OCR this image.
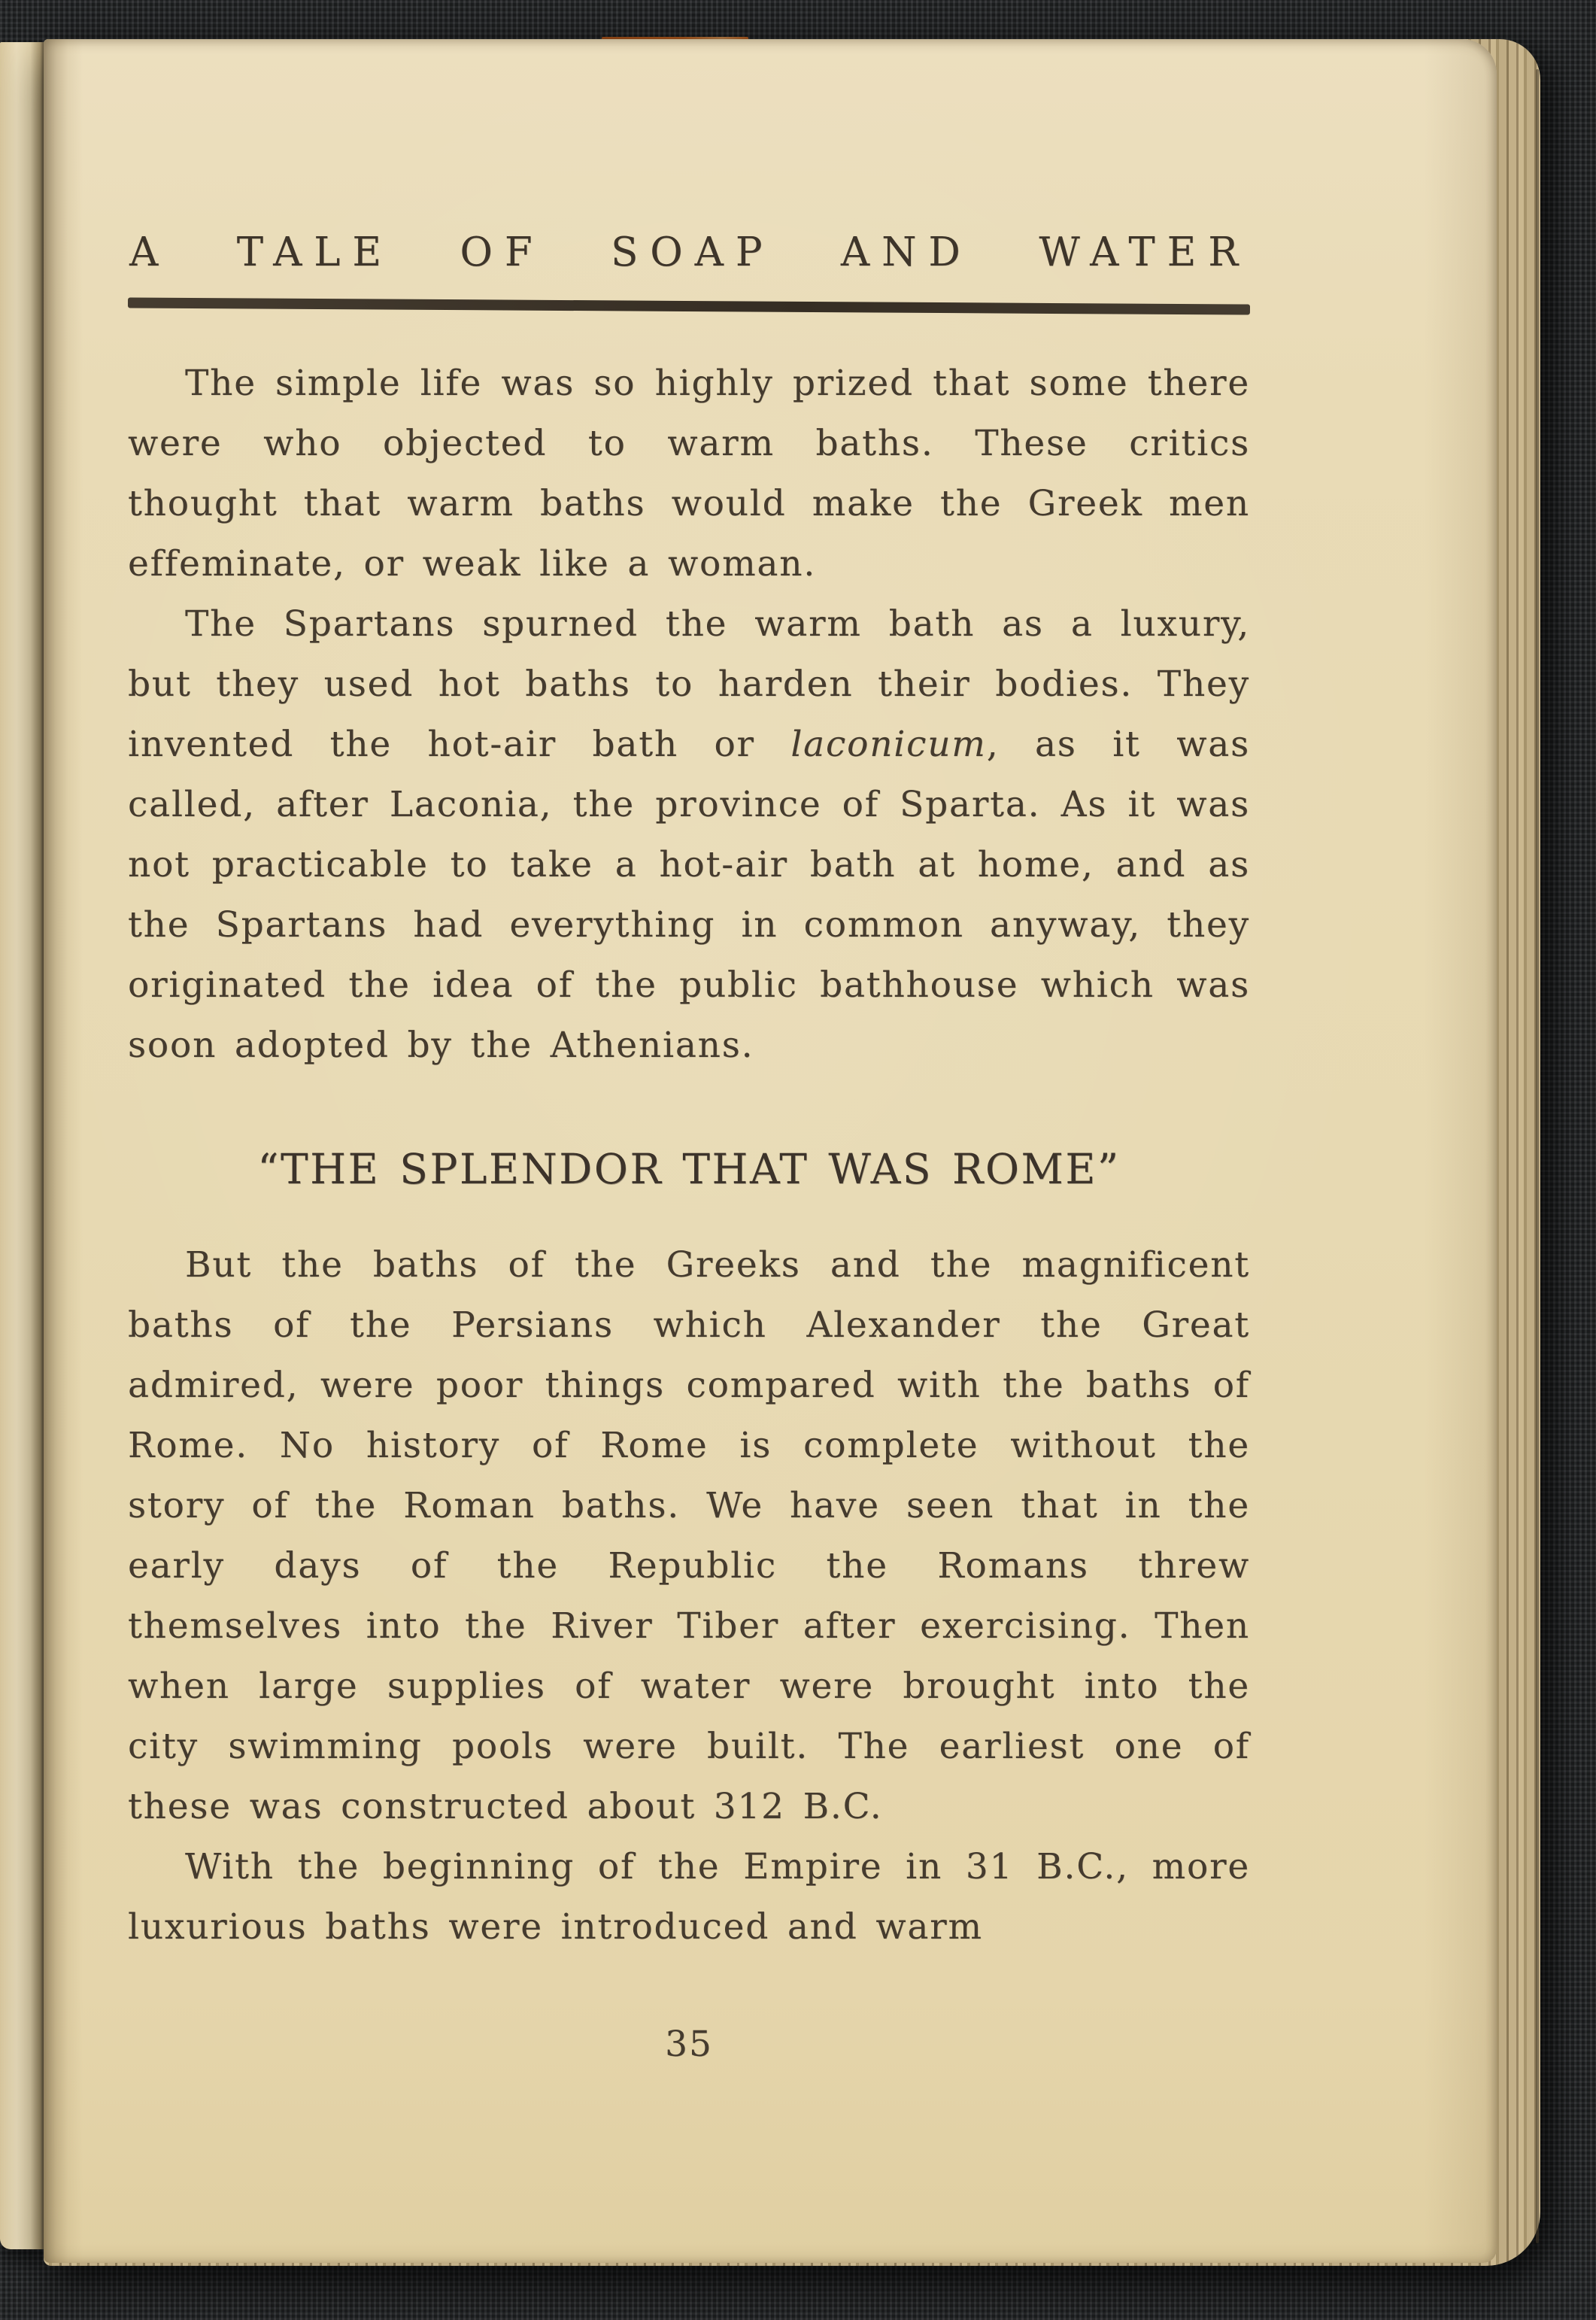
A TALE OF SOAP AND WATER

The simple life was so highly prized that some there were who objected to warm baths. These critics thought that warm baths would make the Greek men effeminate, or weak like a woman.

The Spartans spurned the warm bath as a luxury, but they used hot baths to harden their bodies. They invented the hot-air bath or laconicum, as it was called, after Laconia, the province of Sparta. As it was not practicable to take a hot-air bath at home, and as the Spartans had everything in common anyway, they originated the idea of the public bathhouse which was soon adopted by the Athenians.

“THE SPLENDOR THAT WAS ROME”

But the baths of the Greeks and the magnificent baths of the Persians which Alexander the Great admired, were poor things compared with the baths of Rome. No history of Rome is complete without the story of the Roman baths. We have seen that in the early days of the Republic the Romans threw themselves into the River Tiber after exercising. Then when large supplies of water were brought into the city swimming pools were built. The earliest one of these was constructed about 312 B.C.

With the beginning of the Empire in 31 B.C., more luxurious baths were introduced and warm

35
